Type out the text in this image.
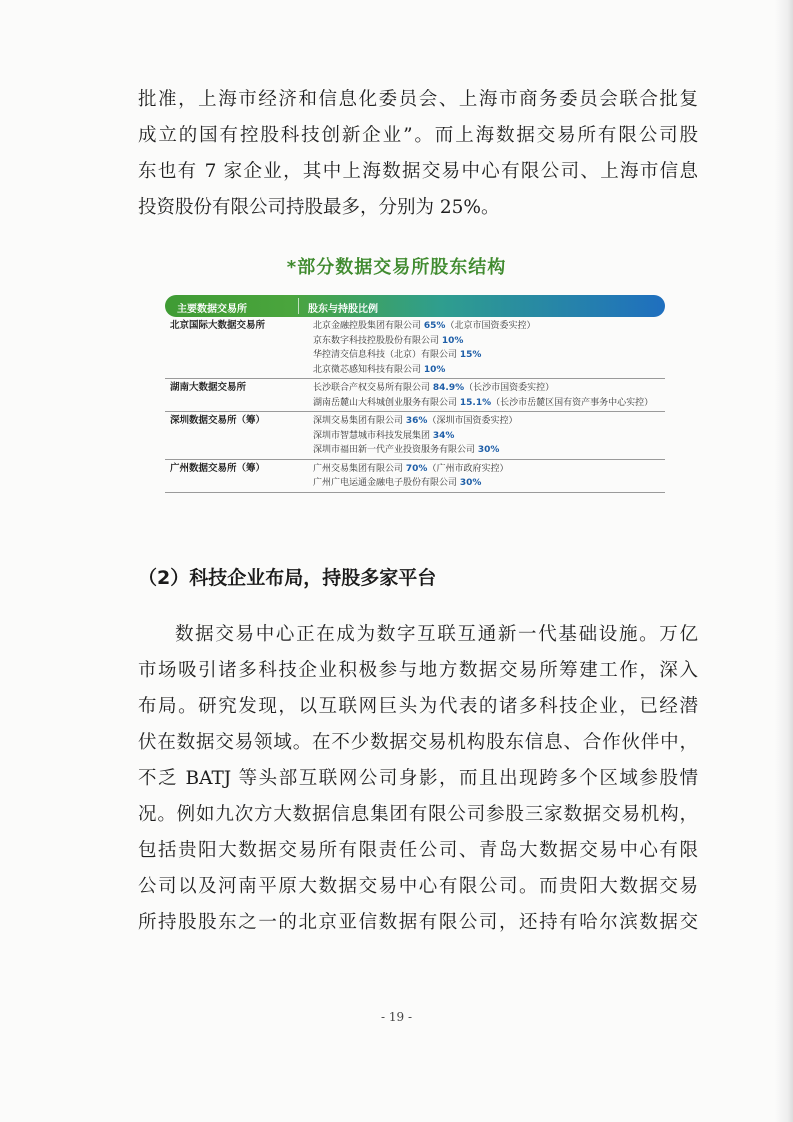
批准，上海市经济和信息化委员会、上海市商务委员会联合批复
成立的国有控股科技创新企业”。而上海数据交易所有限公司股
东也有 7 家企业，其中上海数据交易中心有限公司、上海市信息
投资股份有限公司持股最多，分别为 25%。
*部分数据交易所股东结构
主要数据交易所	股东与持股比例
北京国际大数据交易所	北京金融控股集团有限公司 65%（北京市国资委实控）
京东数字科技控股股份有限公司 10%
华控清交信息科技（北京）有限公司 15%
北京微芯感知科技有限公司 10%
湖南大数据交易所	长沙联合产权交易所有限公司 84.9%（长沙市国资委实控）
湖南岳麓山大科城创业服务有限公司 15.1%（长沙市岳麓区国有资产事务中心实控）
深圳数据交易所（筹）	深圳交易集团有限公司 36%（深圳市国资委实控）
深圳市智慧城市科技发展集团 34%
深圳市福田新一代产业投资服务有限公司 30%
广州数据交易所（筹）	广州交易集团有限公司 70%（广州市政府实控）
广州广电运通金融电子股份有限公司 30%
（2）科技企业布局，持股多家平台
数据交易中心正在成为数字互联互通新一代基础设施。万亿
市场吸引诸多科技企业积极参与地方数据交易所筹建工作，深入
布局。研究发现，以互联网巨头为代表的诸多科技企业，已经潜
伏在数据交易领域。在不少数据交易机构股东信息、合作伙伴中，
不乏 BATJ 等头部互联网公司身影，而且出现跨多个区域参股情
况。例如九次方大数据信息集团有限公司参股三家数据交易机构，
包括贵阳大数据交易所有限责任公司、青岛大数据交易中心有限
公司以及河南平原大数据交易中心有限公司。而贵阳大数据交易
所持股股东之一的北京亚信数据有限公司，还持有哈尔滨数据交
- 19 -
